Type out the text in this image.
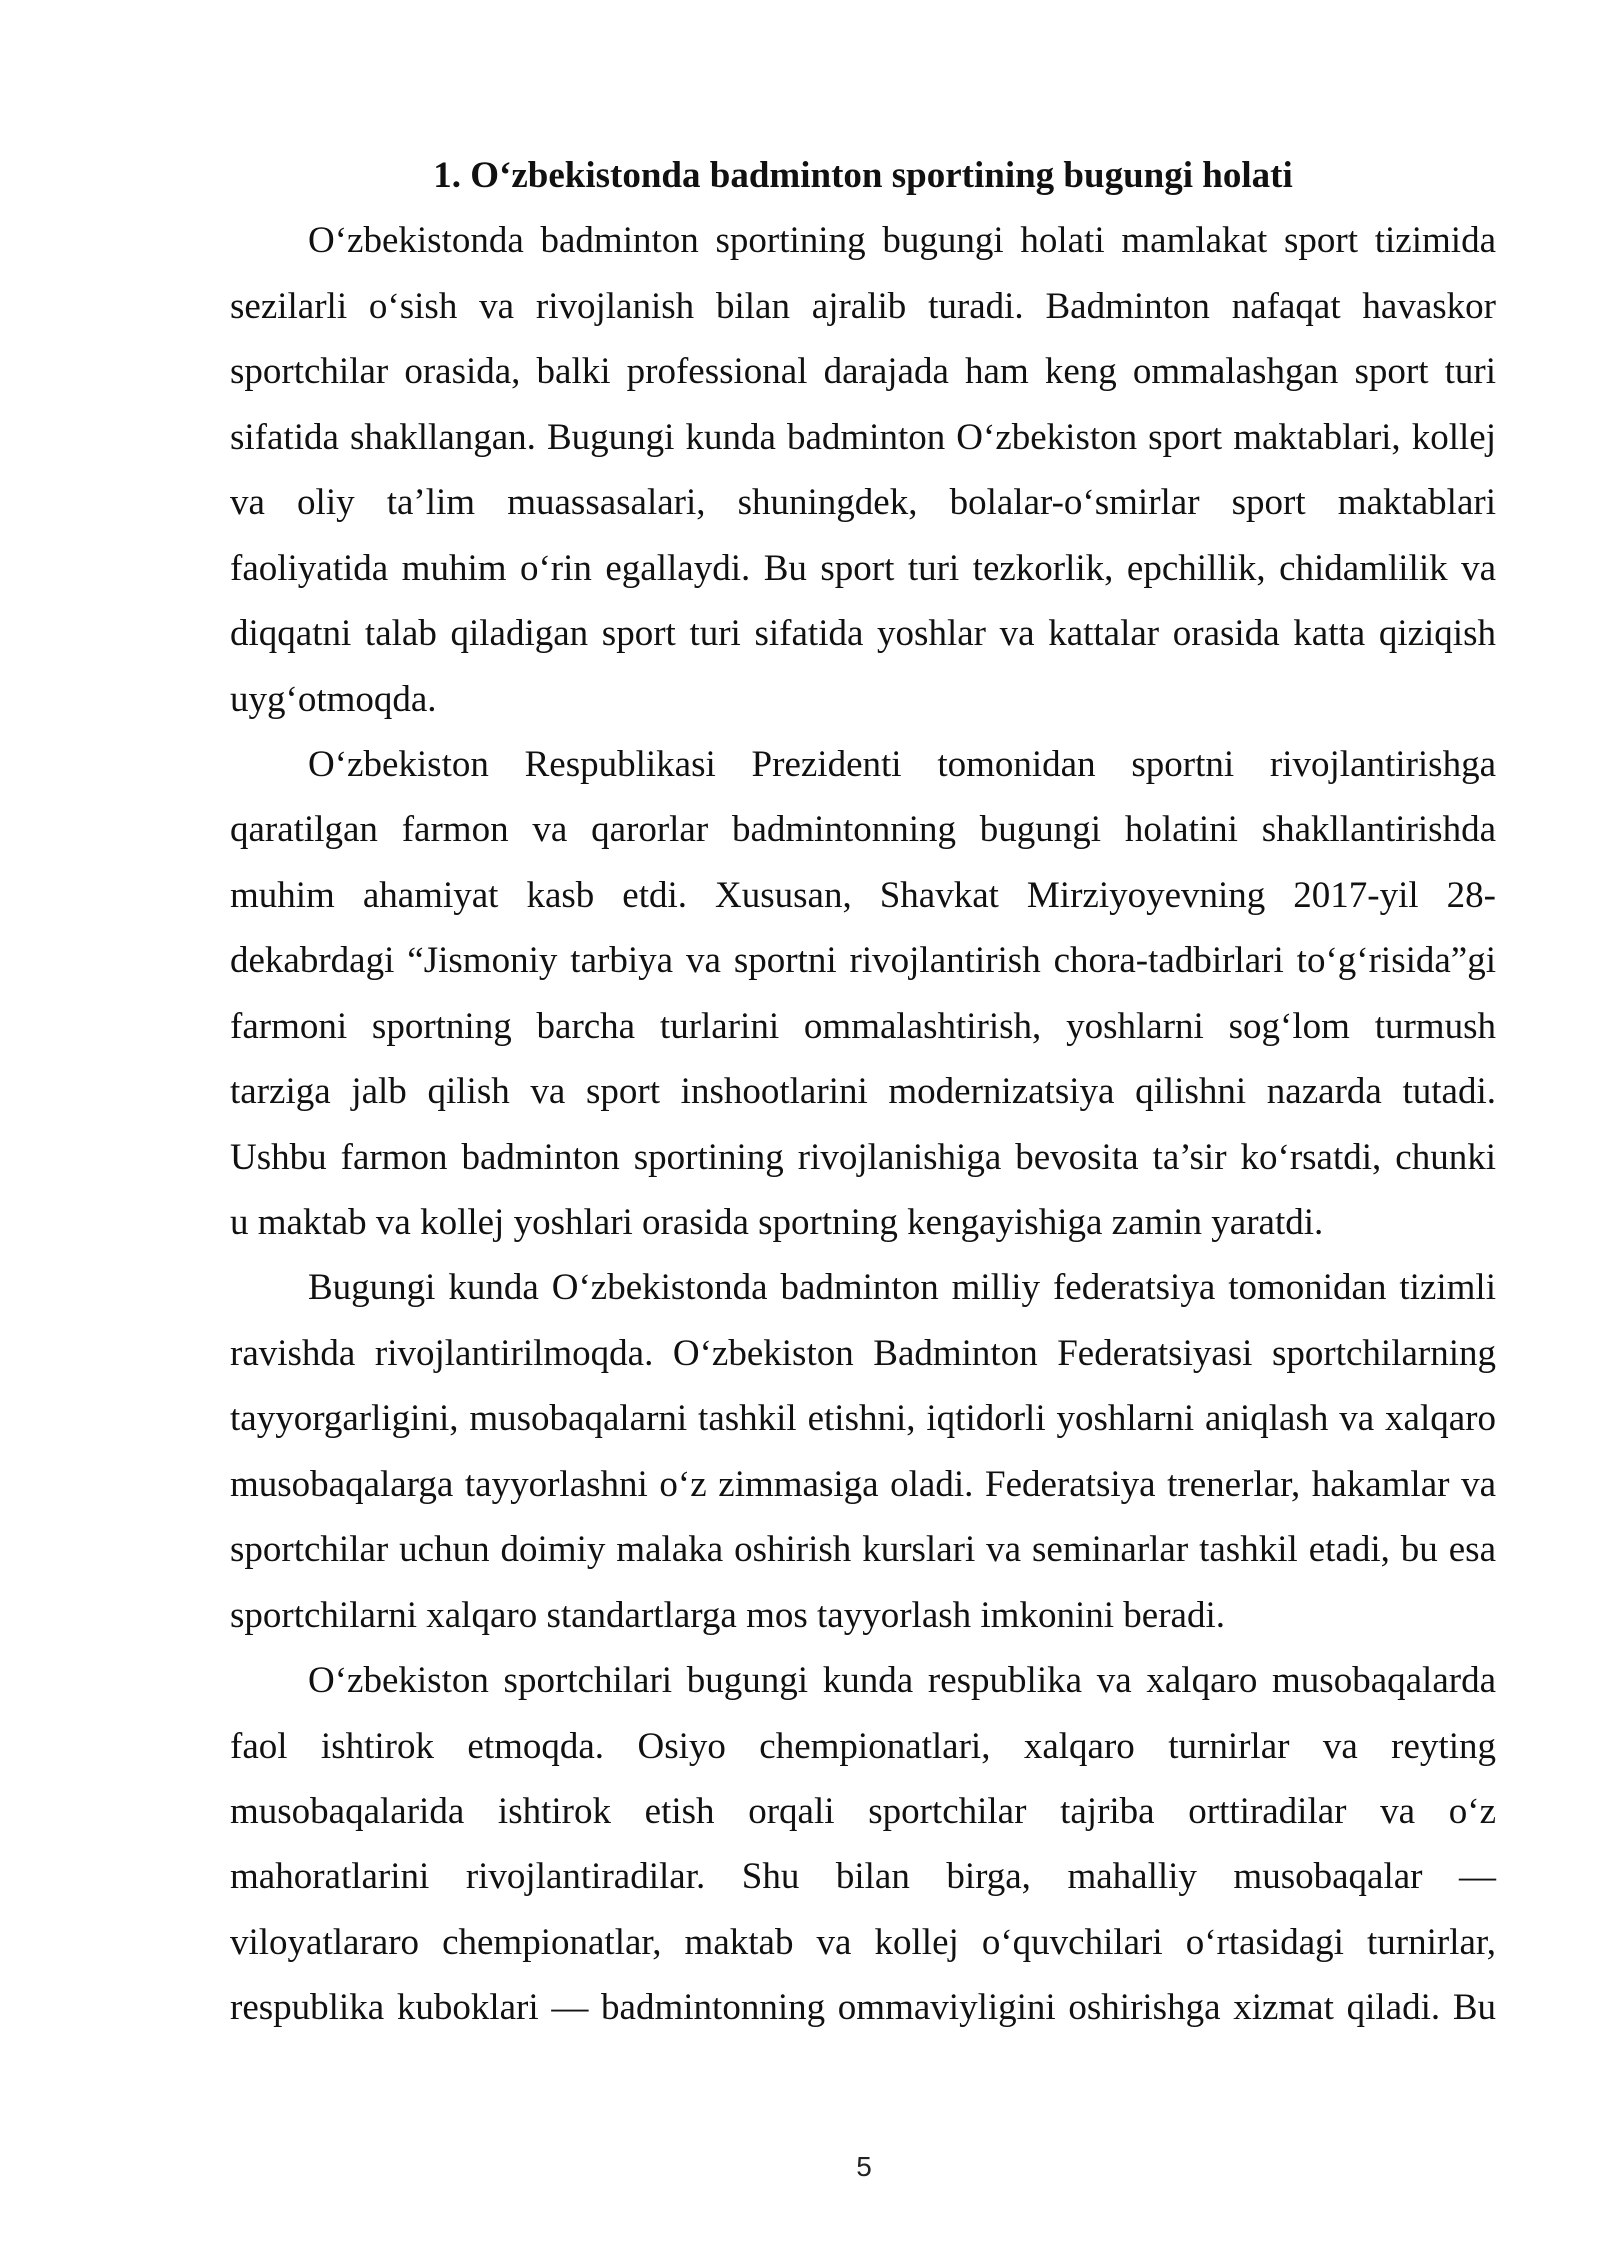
1. O‘zbekistonda badminton sportining bugungi holati
O‘zbekistonda badminton sportining bugungi holati mamlakat sport tizimida
sezilarli o‘sish va rivojlanish bilan ajralib turadi. Badminton nafaqat havaskor
sportchilar orasida, balki professional darajada ham keng ommalashgan sport turi
sifatida shakllangan. Bugungi kunda badminton O‘zbekiston sport maktablari, kollej
va oliy ta’lim muassasalari, shuningdek, bolalar-o‘smirlar sport maktablari
faoliyatida muhim o‘rin egallaydi. Bu sport turi tezkorlik, epchillik, chidamlilik va
diqqatni talab qiladigan sport turi sifatida yoshlar va kattalar orasida katta qiziqish
uyg‘otmoqda.
O‘zbekiston Respublikasi Prezidenti tomonidan sportni rivojlantirishga
qaratilgan farmon va qarorlar badmintonning bugungi holatini shakllantirishda
muhim ahamiyat kasb etdi. Xususan, Shavkat Mirziyoyevning 2017-yil 28-
dekabrdagi “Jismoniy tarbiya va sportni rivojlantirish chora-tadbirlari to‘g‘risida”gi
farmoni sportning barcha turlarini ommalashtirish, yoshlarni sog‘lom turmush
tarziga jalb qilish va sport inshootlarini modernizatsiya qilishni nazarda tutadi.
Ushbu farmon badminton sportining rivojlanishiga bevosita ta’sir ko‘rsatdi, chunki
u maktab va kollej yoshlari orasida sportning kengayishiga zamin yaratdi.
Bugungi kunda O‘zbekistonda badminton milliy federatsiya tomonidan tizimli
ravishda rivojlantirilmoqda. O‘zbekiston Badminton Federatsiyasi sportchilarning
tayyorgarligini, musobaqalarni tashkil etishni, iqtidorli yoshlarni aniqlash va xalqaro
musobaqalarga tayyorlashni o‘z zimmasiga oladi. Federatsiya trenerlar, hakamlar va
sportchilar uchun doimiy malaka oshirish kurslari va seminarlar tashkil etadi, bu esa
sportchilarni xalqaro standartlarga mos tayyorlash imkonini beradi.
O‘zbekiston sportchilari bugungi kunda respublika va xalqaro musobaqalarda
faol ishtirok etmoqda. Osiyo chempionatlari, xalqaro turnirlar va reyting
musobaqalarida ishtirok etish orqali sportchilar tajriba orttiradilar va o‘z
mahoratlarini rivojlantiradilar. Shu bilan birga, mahalliy musobaqalar —
viloyatlararo chempionatlar, maktab va kollej o‘quvchilari o‘rtasidagi turnirlar,
respublika kuboklari — badmintonning ommaviyligini oshirishga xizmat qiladi. Bu
5
